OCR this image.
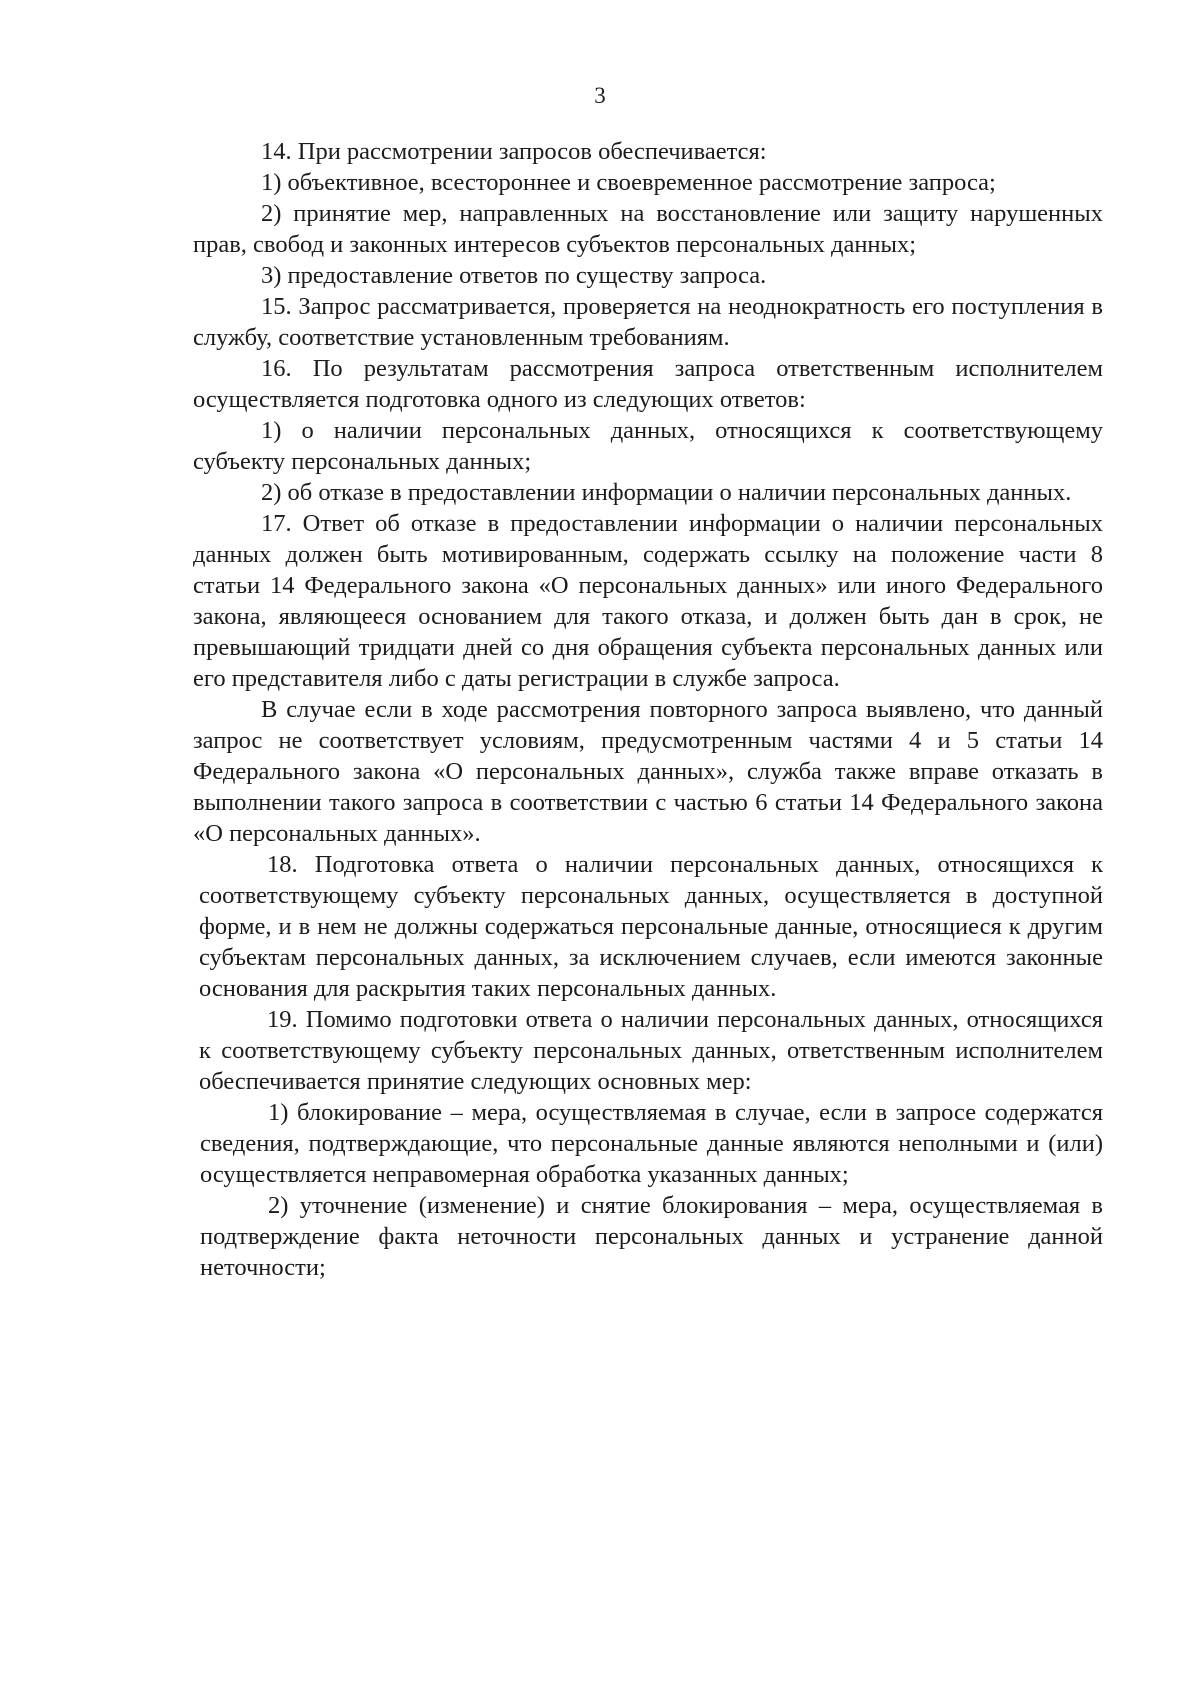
3

14. При рассмотрении запросов обеспечивается:

1) объективное, всестороннее и своевременное рассмотрение запроса;

2) принятие мер, направленных на восстановление или защиту нарушенных прав, свобод и законных интересов субъектов персональных данных;

3) предоставление ответов по существу запроса.

15. Запрос рассматривается, проверяется на неоднократность его поступления в службу, соответствие установленным требованиям.

16. По результатам рассмотрения запроса ответственным исполнителем осуществляется подготовка одного из следующих ответов:

1) о наличии персональных данных, относящихся к соответствующему субъекту персональных данных;

2) об отказе в предоставлении информации о наличии персональных данных.

17. Ответ об отказе в предоставлении информации о наличии персональных данных должен быть мотивированным, содержать ссылку на положение части 8 статьи 14 Федерального закона «О персональных данных» или иного Федерального закона, являющееся основанием для такого отказа, и должен быть дан в срок, не превышающий тридцати дней со дня обращения субъекта персональных данных или его представителя либо с даты регистрации в службе запроса.

В случае если в ходе рассмотрения повторного запроса выявлено, что данный запрос не соответствует условиям, предусмотренным частями 4 и 5 статьи 14 Федерального закона «О персональных данных», служба также вправе отказать в выполнении такого запроса в соответствии с частью 6 статьи 14 Федерального закона «О персональных данных».

18. Подготовка ответа о наличии персональных данных, относящихся к соответствующему субъекту персональных данных, осуществляется в доступной форме, и в нем не должны содержаться персональные данные, относящиеся к другим субъектам персональных данных, за исключением случаев, если имеются законные основания для раскрытия таких персональных данных.

19. Помимо подготовки ответа о наличии персональных данных, относящихся к соответствующему субъекту персональных данных, ответственным исполнителем обеспечивается принятие следующих основных мер:

1) блокирование – мера, осуществляемая в случае, если в запросе содержатся сведения, подтверждающие, что персональные данные являются неполными и (или) осуществляется неправомерная обработка указанных данных;

2) уточнение (изменение) и снятие блокирования – мера, осуществляемая в подтверждение факта неточности персональных данных и устранение данной неточности;
